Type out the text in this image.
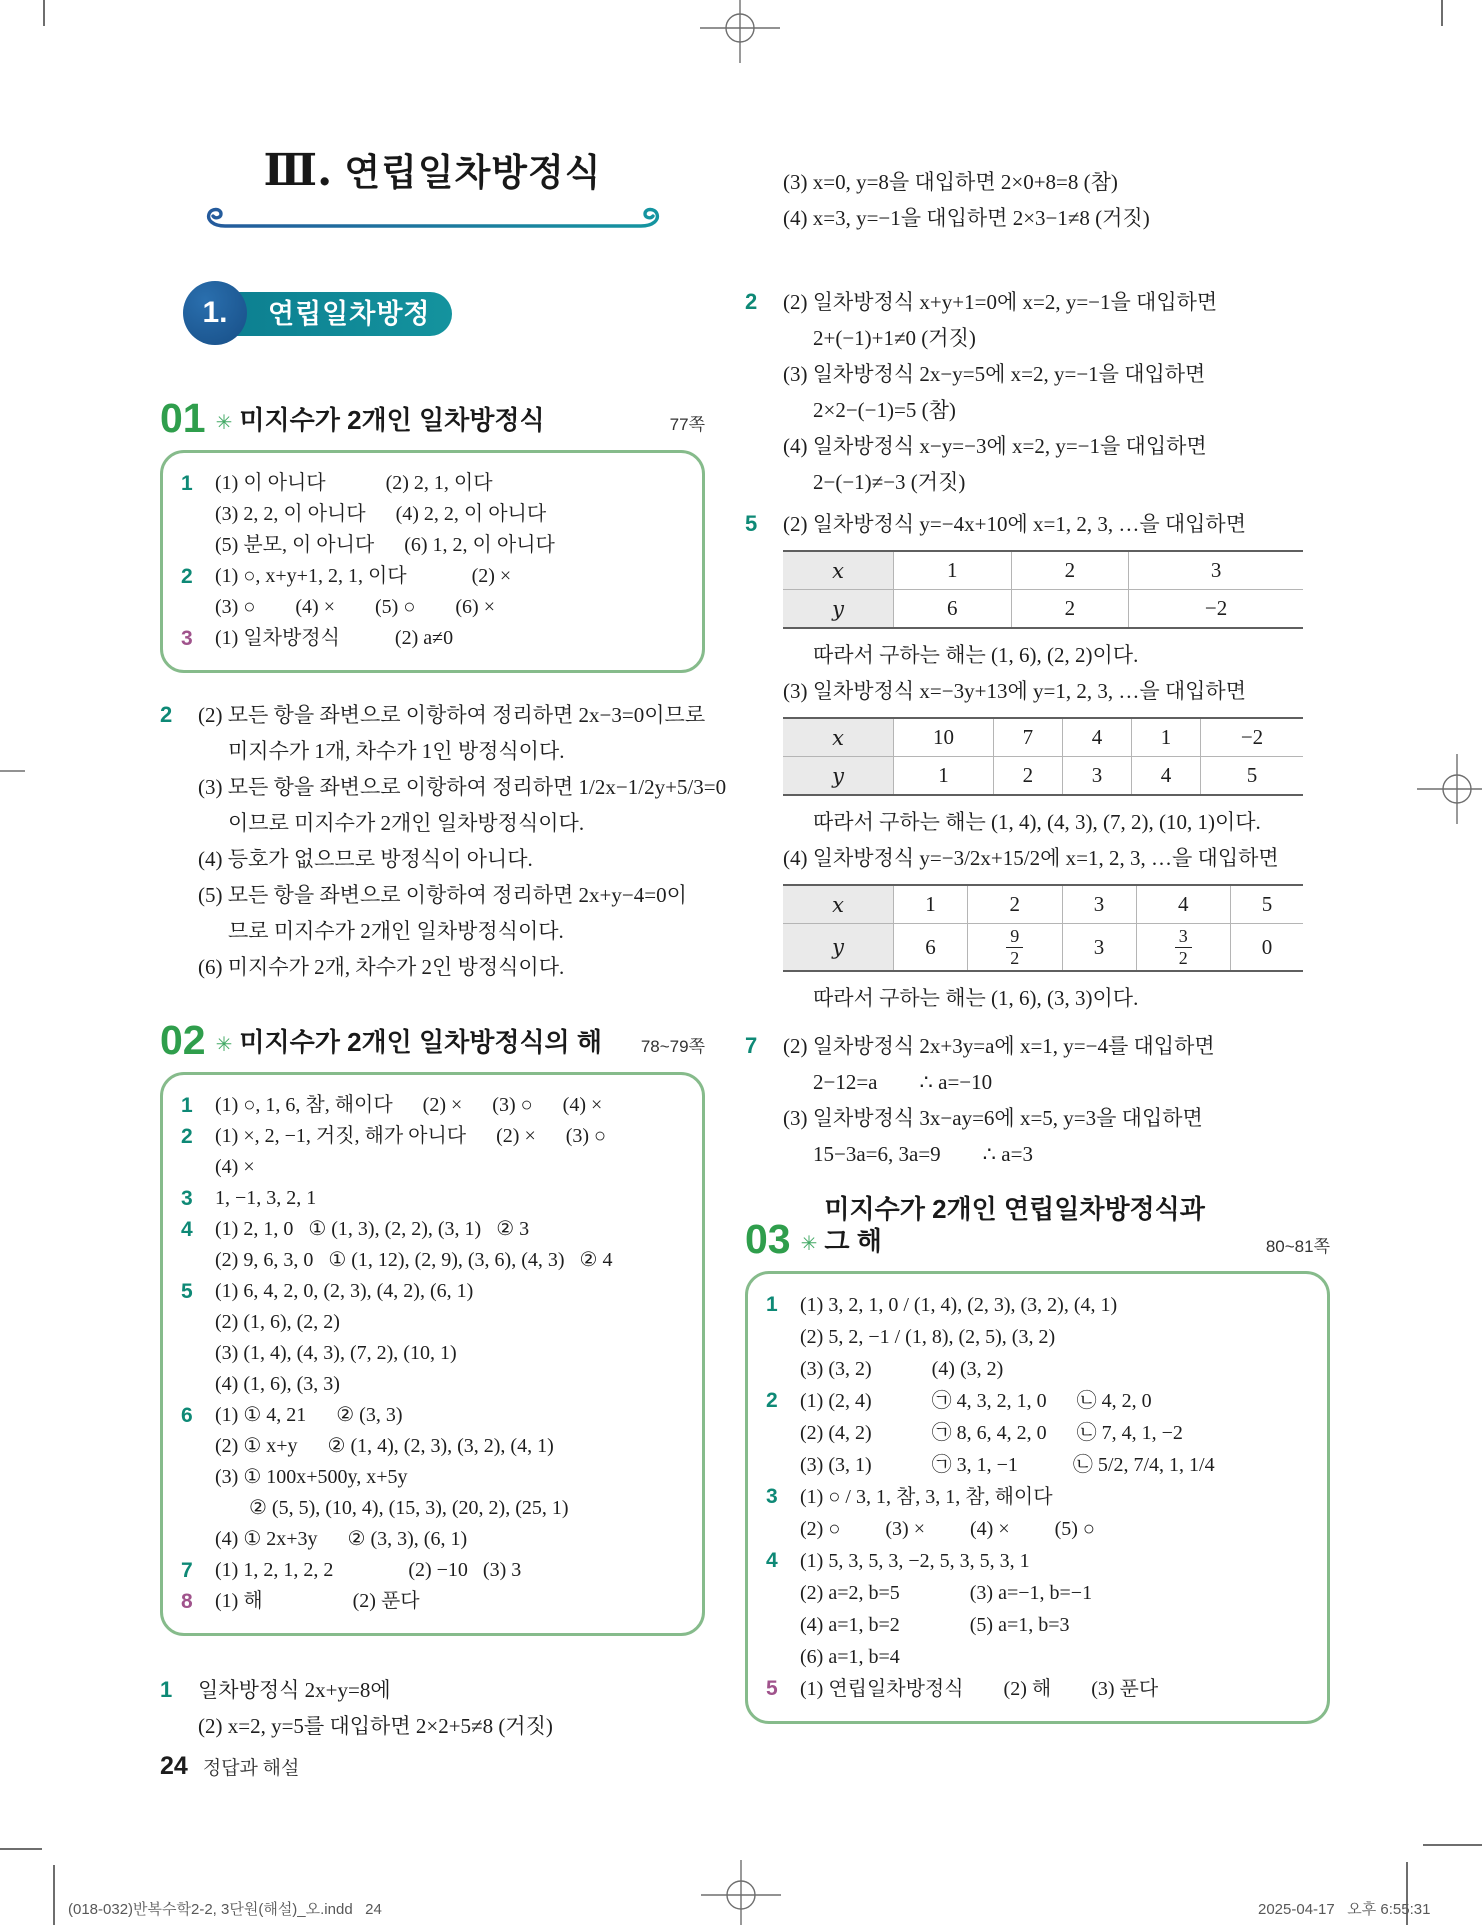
Ⅲ. 연립일차방정식
1.	연립일차방정식
01 ✳ 미지수가 2개인 일차방정식	77쪽
1	(1) 이 아니다            (2) 2, 1, 이다
(3) 2, 2, 이 아니다      (4) 2, 2, 이 아니다
(5) 분모, 이 아니다      (6) 1, 2, 이 아니다
2	(1) ○, x+y+1, 2, 1, 이다             (2) ×
(3) ○        (4) ×        (5) ○        (6) ×
3	(1) 일차방정식           (2) a≠0
2	(2) 모든 항을 좌변으로 이항하여 정리하면 2x−3=0이므로
미지수가 1개, 차수가 1인 방정식이다.
(3) 모든 항을 좌변으로 이항하여 정리하면 1/2x−1/2y+5/3=0
이므로 미지수가 2개인 일차방정식이다.
(4) 등호가 없으므로 방정식이 아니다.
(5) 모든 항을 좌변으로 이항하여 정리하면 2x+y−4=0이
므로 미지수가 2개인 일차방정식이다.
(6) 미지수가 2개, 차수가 2인 방정식이다.
02 ✳ 미지수가 2개인 일차방정식의 해 78~79쪽
1	(1) ○, 1, 6, 참, 해이다      (2) ×      (3) ○      (4) ×
2	(1) ×, 2, −1, 거짓, 해가 아니다      (2) ×      (3) ○
(4) ×
3	1, −1, 3, 2, 1
4	(1) 2, 1, 0   ① (1, 3), (2, 2), (3, 1)   ② 3
(2) 9, 6, 3, 0   ① (1, 12), (2, 9), (3, 6), (4, 3)   ② 4
5	(1) 6, 4, 2, 0, (2, 3), (4, 2), (6, 1)
(2) (1, 6), (2, 2)
(3) (1, 4), (4, 3), (7, 2), (10, 1)
(4) (1, 6), (3, 3)
6	(1) ① 4, 21      ② (3, 3)
(2) ① x+y      ② (1, 4), (2, 3), (3, 2), (4, 1)
(3) ① 100x+500y, x+5y
② (5, 5), (10, 4), (15, 3), (20, 2), (25, 1)
(4) ① 2x+3y      ② (3, 3), (6, 1)
7	(1) 1, 2, 1, 2, 2               (2) −10   (3) 3
8	(1) 해                  (2) 푼다
1	일차방정식 2x+y=8에
(2) x=2, y=5를 대입하면 2×2+5≠8 (거짓)
(3) x=0, y=8을 대입하면 2×0+8=8 (참)
(4) x=3, y=−1을 대입하면 2×3−1≠8 (거짓)
2	(2) 일차방정식 x+y+1=0에 x=2, y=−1을 대입하면
2+(−1)+1≠0 (거짓)
(3) 일차방정식 2x−y=5에 x=2, y=−1을 대입하면
2×2−(−1)=5 (참)
(4) 일차방정식 x−y=−3에 x=2, y=−1을 대입하면
2−(−1)≠−3 (거짓)
5	(2) 일차방정식 y=−4x+10에 x=1, 2, 3, …을 대입하면
x	1	2	3
y	6	2	−2
따라서 구하는 해는 (1, 6), (2, 2)이다.
(3) 일차방정식 x=−3y+13에 y=1, 2, 3, …을 대입하면
x	10	7	4	1	−2
y	1	2	3	4	5
따라서 구하는 해는 (1, 4), (4, 3), (7, 2), (10, 1)이다.
(4) 일차방정식 y=−3/2x+15/2에 x=1, 2, 3, …을 대입하면
x	1	2	3	4	5
y	6	$\frac{9}{2}$	3	$\frac{3}{2}$	0
따라서 구하는 해는 (1, 6), (3, 3)이다.
7	(2) 일차방정식 2x+3y=a에 x=1, y=−4를 대입하면
2−12=a        ∴ a=−10
(3) 일차방정식 3x−ay=6에 x=5, y=3을 대입하면
15−3a=6, 3a=9        ∴ a=3
03 ✳
미지수가 2개인 연립일차방정식과
그 해	80~81쪽
1	(1) 3, 2, 1, 0 / (1, 4), (2, 3), (3, 2), (4, 1)
(2) 5, 2, −1 / (1, 8), (2, 5), (3, 2)
(3) (3, 2)            (4) (3, 2)
2	(1) (2, 4)            ㉠ 4, 3, 2, 1, 0      ㉡ 4, 2, 0
(2) (4, 2)            ㉠ 8, 6, 4, 2, 0      ㉡ 7, 4, 1, −2
(3) (3, 1)            ㉠ 3, 1, −1           ㉡ 5/2, 7/4, 1, 1/4
3	(1) ○ / 3, 1, 참, 3, 1, 참, 해이다
(2) ○         (3) ×         (4) ×         (5) ○
4	(1) 5, 3, 5, 3, −2, 5, 3, 5, 3, 1
(2) a=2, b=5              (3) a=−1, b=−1
(4) a=1, b=2              (5) a=1, b=3
(6) a=1, b=4
5	(1) 연립일차방정식        (2) 해        (3) 푼다
24 정답과 해설
(018-032)반복수학2-2, 3단원(해설)_오.indd   24	2025-04-17   오후 6:55:31
